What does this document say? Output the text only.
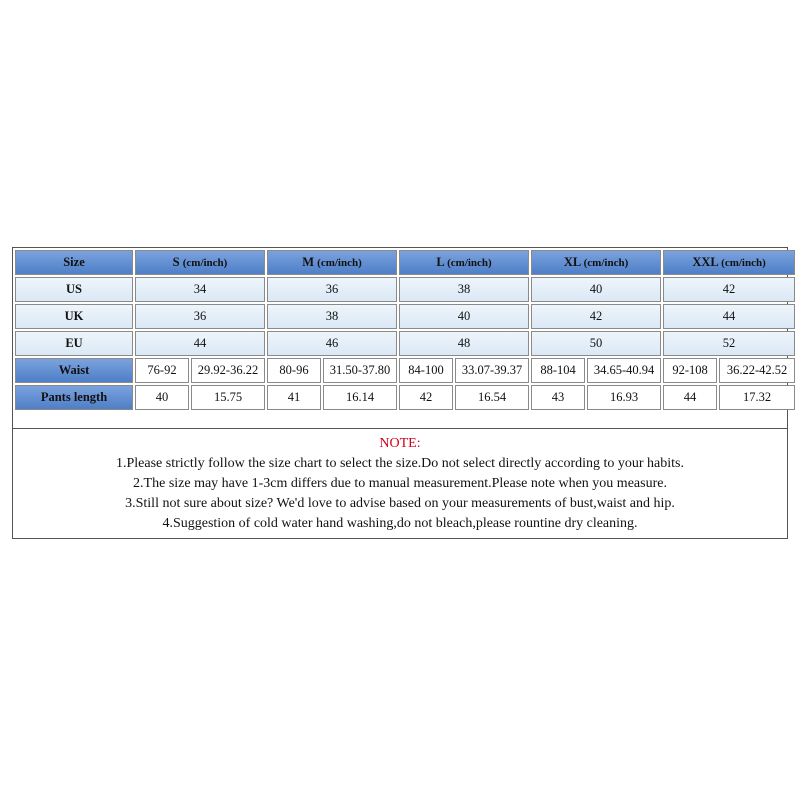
Size	S (cm/inch)		M (cm/inch)		L (cm/inch)		XL (cm/inch)		XXL (cm/inch)	
US	34		36		38		40		42	
UK	36		38		40		42		44	
EU	44		46		48		50		52	
Waist	76-92	29.92-36.22	80-96	31.50-37.80	84-100	33.07-39.37	88-104	34.65-40.94	92-108	36.22-42.52
Pants length	40	15.75	41	16.14	42	16.54	43	16.93	44	17.32
NOTE:
1.Please strictly follow the size chart to select the size.Do not select directly according to your habits.
2.The size may have 1-3cm differs due to manual measurement.Please note when you measure.
3.Still not sure about size? We'd love to advise based on your measurements of bust,waist and hip.
4.Suggestion of cold water hand washing,do not bleach,please rountine dry cleaning.
